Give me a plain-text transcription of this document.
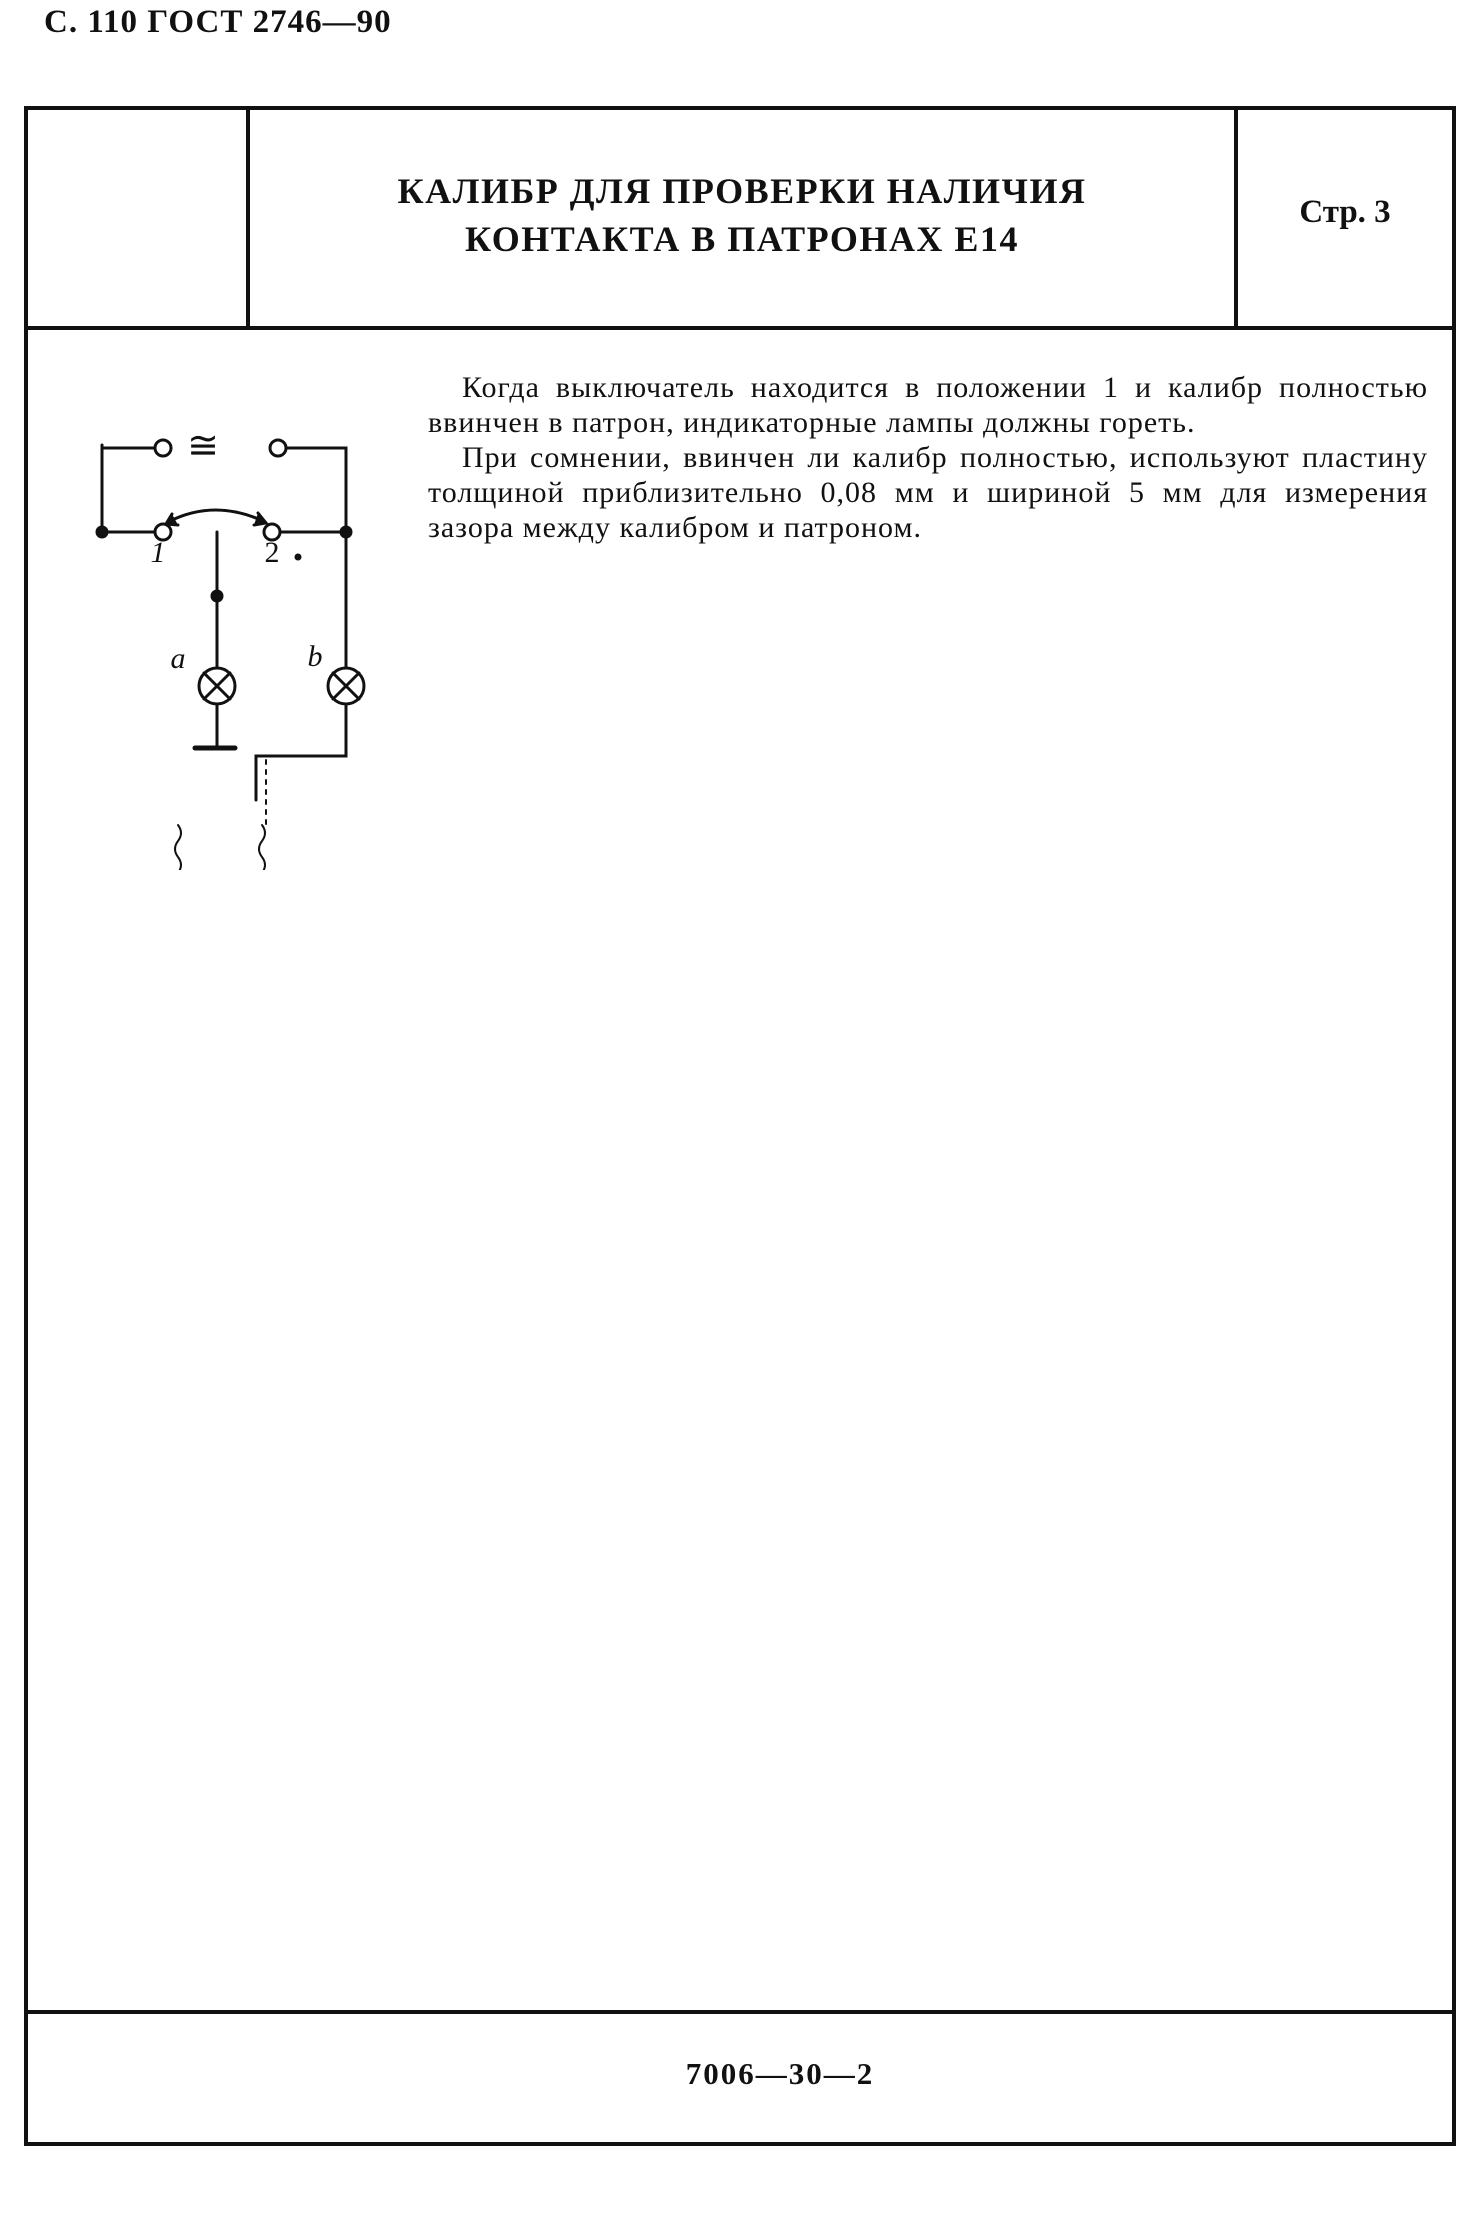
С. 110 ГОСТ 2746—90
КАЛИБР ДЛЯ ПРОВЕРКИ НАЛИЧИЯ
КОНТАКТА В ПАТРОНАХ Е14
Стр. 3

Когда выключатель находится в положении 1 и калибр полностью ввинчен в патрон, индикаторные лампы должны гореть.

При сомнении, ввинчен ли калибр полностью, используют пластину толщиной приблизительно 0,08 мм и шириной 5 мм для измерения зазора между калибром и патроном.

7006—30—2
≅
1	2
a	b
